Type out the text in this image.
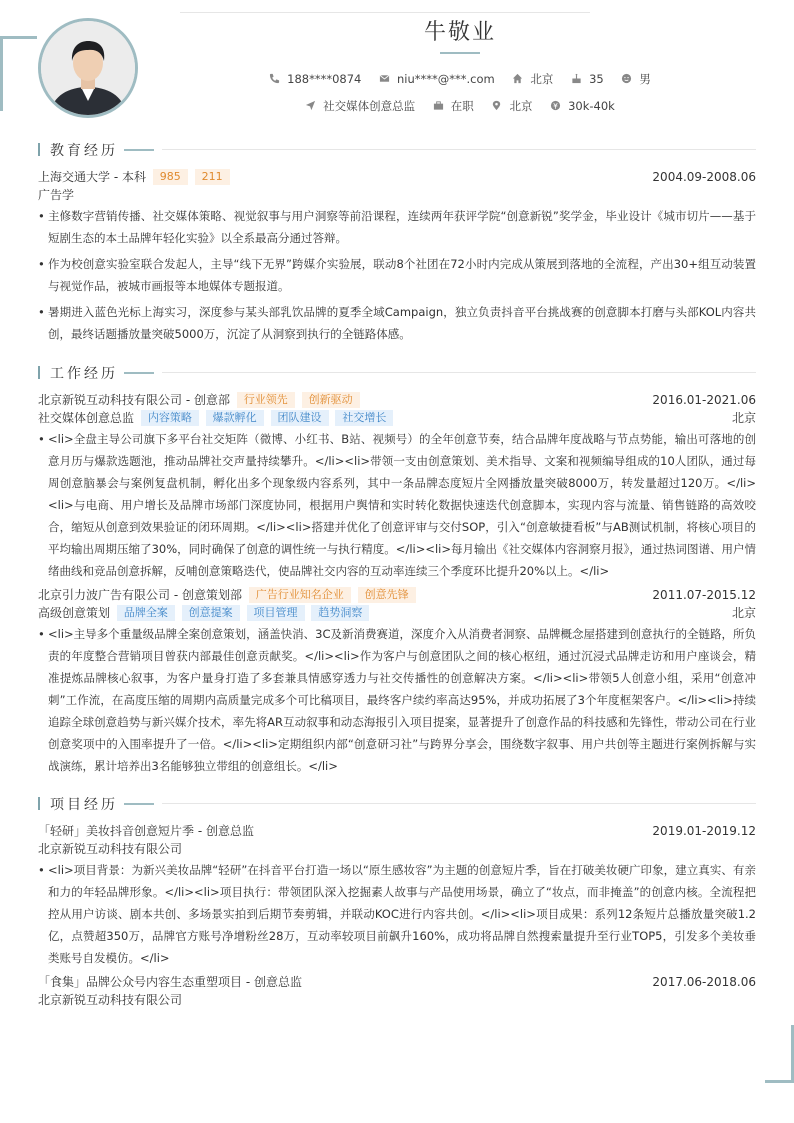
牛敬业
188****0874	niu****@***.com	北京	35	男
社交媒体创意总监	在职	北京	30k-40k
教育经历
上海交通大学 - 本科 985 211	2004.09-2008.06
广告学
• 主修数字营销传播、社交媒体策略、视觉叙事与用户洞察等前沿课程，连续两年获评学院“创意新锐”奖学金，毕业设计《城市切片——基于短剧生态的本土品牌年轻化实验》以全系最高分通过答辩。
• 作为校创意实验室联合发起人，主导“线下无界”跨媒介实验展，联动8个社团在72小时内完成从策展到落地的全流程，产出30+组互动装置与视觉作品，被城市画报等本地媒体专题报道。
• 暑期进入蓝色光标上海实习，深度参与某头部乳饮品牌的夏季全域Campaign，独立负责抖音平台挑战赛的创意脚本打磨与头部KOL内容共创，最终话题播放量突破5000万，沉淀了从洞察到执行的全链路体感。
工作经历
北京新锐互动科技有限公司 - 创意部 行业领先 创新驱动	2016.01-2021.06
社交媒体创意总监 内容策略 爆款孵化 团队建设 社交增长	北京
• <li>全盘主导公司旗下多平台社交矩阵（微博、小红书、B站、视频号）的全年创意节奏，结合品牌年度战略与节点势能，输出可落地的创意月历与爆款选题池，推动品牌社交声量持续攀升。</li><li>带领一支由创意策划、美术指导、文案和视频编导组成的10人团队，通过每周创意脑暴会与案例复盘机制，孵化出多个现象级内容系列，其中一条品牌态度短片全网播放量突破8000万，转发量超过120万。</li><li>与电商、用户增长及品牌市场部门深度协同，根据用户舆情和实时转化数据快速迭代创意脚本，实现内容与流量、销售链路的高效咬合，缩短从创意到效果验证的闭环周期。</li><li>搭建并优化了创意评审与交付SOP，引入“创意敏捷看板”与AB测试机制，将核心项目的平均输出周期压缩了30%，同时确保了创意的调性统一与执行精度。</li><li>每月输出《社交媒体内容洞察月报》，通过热词图谱、用户情绪曲线和竞品创意拆解，反哺创意策略迭代，使品牌社交内容的互动率连续三个季度环比提升20%以上。</li>
北京引力波广告有限公司 - 创意策划部 广告行业知名企业 创意先锋	2011.07-2015.12
高级创意策划 品牌全案 创意提案 项目管理 趋势洞察	北京
• <li>主导多个重量级品牌全案创意策划，涵盖快消、3C及新消费赛道，深度介入从消费者洞察、品牌概念屋搭建到创意执行的全链路，所负责的年度整合营销项目曾获内部最佳创意贡献奖。</li><li>作为客户与创意团队之间的核心枢纽，通过沉浸式品牌走访和用户座谈会，精准提炼品牌核心叙事，为客户量身打造了多套兼具情感穿透力与社交传播性的创意解决方案。</li><li>带领5人创意小组，采用“创意冲刺”工作流，在高度压缩的周期内高质量完成多个可比稿项目，最终客户续约率高达95%，并成功拓展了3个年度框架客户。</li><li>持续追踪全球创意趋势与新兴媒介技术，率先将AR互动叙事和动态海报引入项目提案，显著提升了创意作品的科技感和先锋性，带动公司在行业创意奖项中的入围率提升了一倍。</li><li>定期组织内部“创意研习社”与跨界分享会，围绕数字叙事、用户共创等主题进行案例拆解与实战演练，累计培养出3名能够独立带组的创意组长。</li>
项目经历
「轻研」美妆抖音创意短片季 - 创意总监	2019.01-2019.12
北京新锐互动科技有限公司
• <li>项目背景：为新兴美妆品牌“轻研”在抖音平台打造一场以“原生感妆容”为主题的创意短片季，旨在打破美妆硬广印象，建立真实、有亲和力的年轻品牌形象。</li><li>项目执行：带领团队深入挖掘素人故事与产品使用场景，确立了“妆点，而非掩盖”的创意内核。全流程把控从用户访谈、剧本共创、多场景实拍到后期节奏剪辑，并联动KOC进行内容共创。</li><li>项目成果：系列12条短片总播放量突破1.2亿，点赞超350万，品牌官方账号净增粉丝28万，互动率较项目前飙升160%，成功将品牌自然搜索量提升至行业TOP5，引发多个美妆垂类账号自发模仿。</li>
「食集」品牌公众号内容生态重塑项目 - 创意总监	2017.06-2018.06
北京新锐互动科技有限公司
